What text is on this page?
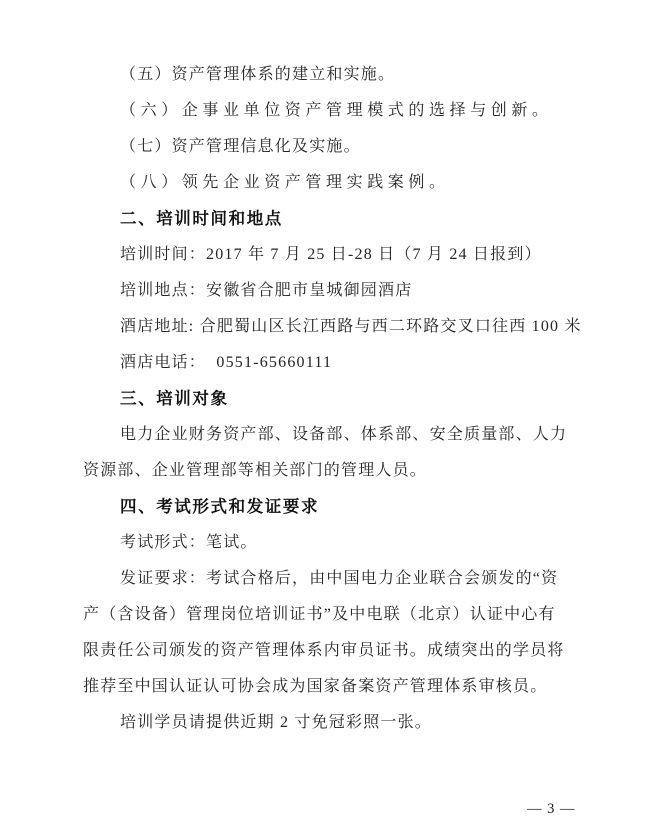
（五）资产管理体系的建立和实施。
（六）企事业单位资产管理模式的选择与创新。
（七）资产管理信息化及实施。
（八）领先企业资产管理实践案例。
二、培训时间和地点
培训时间：2017 年 7 月 25 日-28 日（7 月 24 日报到）
培训地点：安徽省合肥市皇城御园酒店
酒店地址: 合肥蜀山区长江西路与西二环路交叉口往西 100 米
酒店电话：  0551-65660111
三、培训对象
电力企业财务资产部、设备部、体系部、安全质量部、人力
资源部、企业管理部等相关部门的管理人员。
四、考试形式和发证要求
考试形式：笔试。
发证要求：考试合格后，由中国电力企业联合会颁发的“资
产（含设备）管理岗位培训证书”及中电联（北京）认证中心有
限责任公司颁发的资产管理体系内审员证书。成绩突出的学员将
推荐至中国认证认可协会成为国家备案资产管理体系审核员。
培训学员请提供近期 2 寸免冠彩照一张。
— 3 —
